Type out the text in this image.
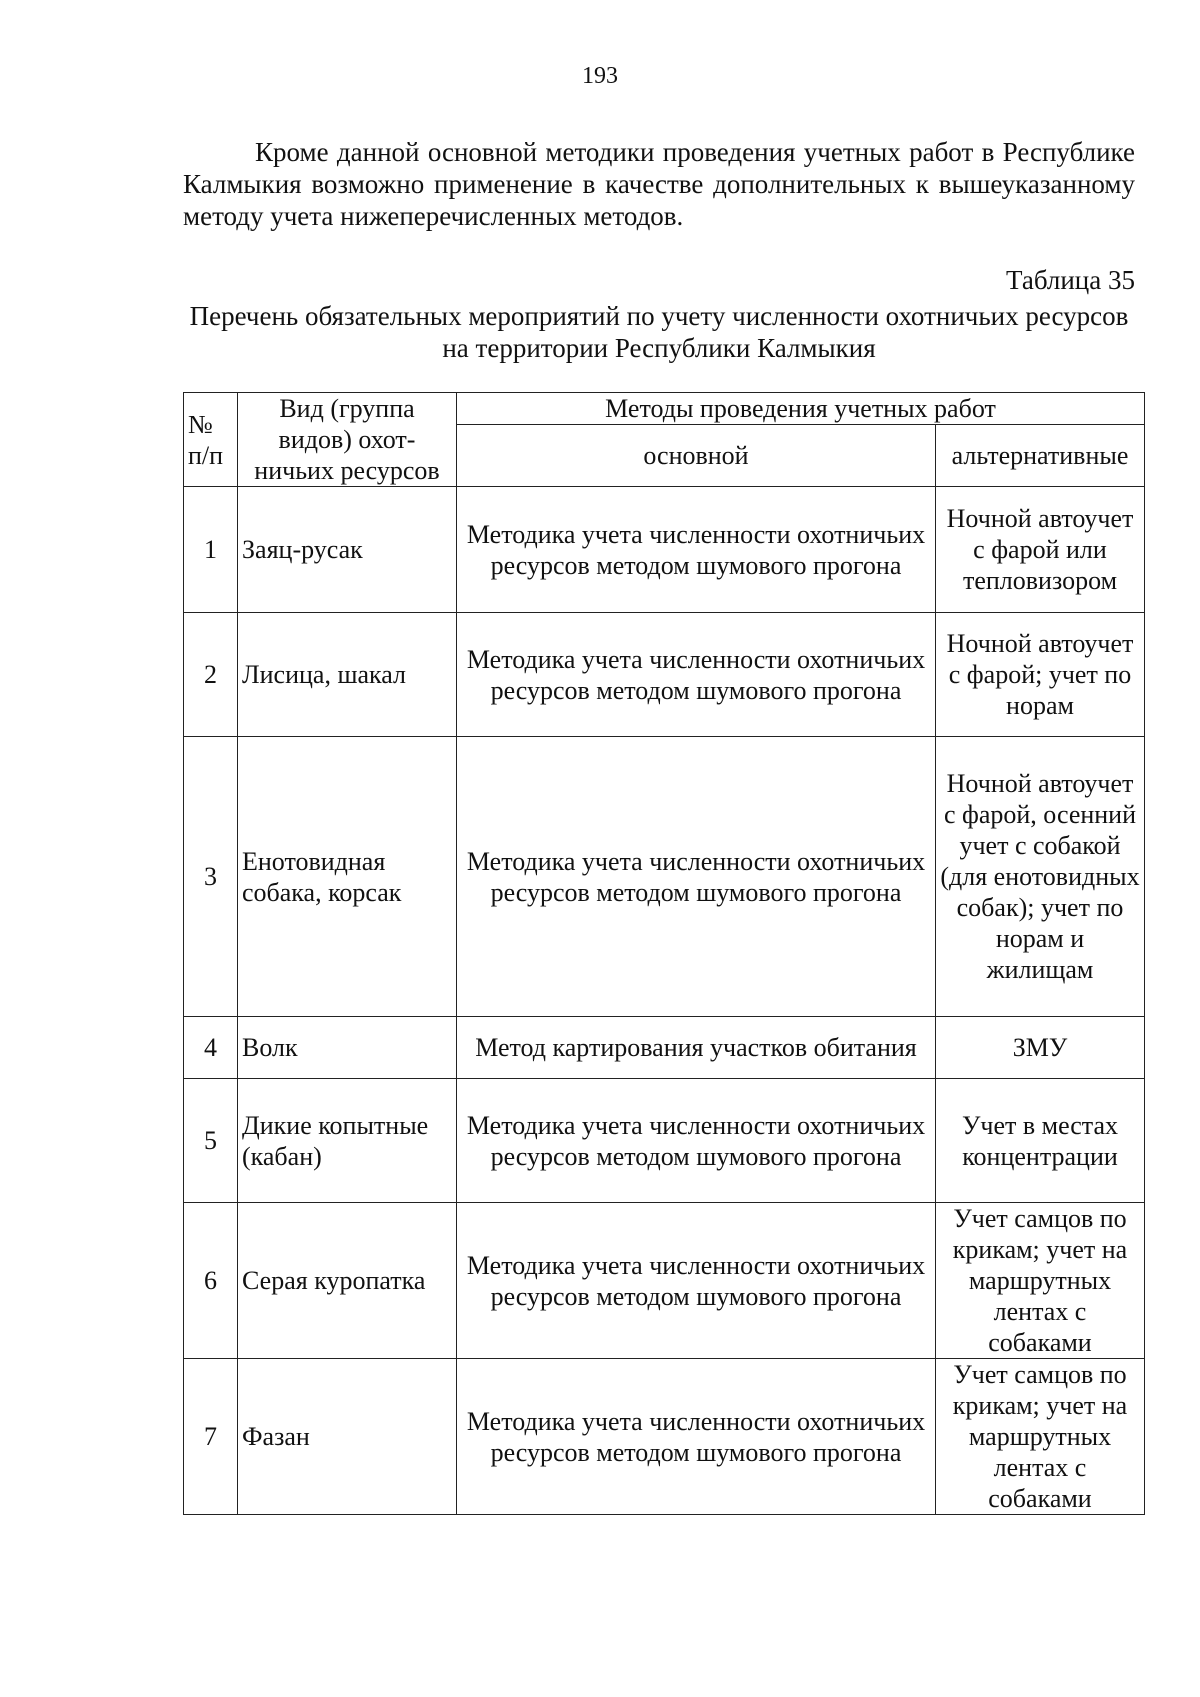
193

Кроме данной основной методики проведения учетных работ в Республике Калмыкия возможно применение в качестве дополнительных к вышеуказанному методу учета нижеперечисленных методов.

Таблица 35

Перечень обязательных мероприятий по учету численности охотничьих ресурсов на территории Республики Калмыкия

№ п/п	Вид (группа видов) охот-ничьих ресурсов	Методы проведения учетных работ	
		основной	альтернативные
1	Заяц-русак	Методика учета численности охотничьих ресурсов методом шумового прогона	Ночной автоучет с фарой или тепловизором
2	Лисица, шакал	Методика учета численности охотничьих ресурсов методом шумового прогона	Ночной автоучет с фарой; учет по норам
3	Енотовидная собака, корсак	Методика учета численности охотничьих ресурсов методом шумового прогона	Ночной автоучет с фарой, осенний учет с собакой (для енотовидных собак); учет по норам и жилищам
4	Волк	Метод картирования участков обитания	ЗМУ
5	Дикие копытные (кабан)	Методика учета численности охотничьих ресурсов методом шумового прогона	Учет в местах концентрации
6	Серая куропатка	Методика учета численности охотничьих ресурсов методом шумового прогона	Учет самцов по крикам; учет на маршрутных лентах с собаками
7	Фазан	Методика учета численности охотничьих ресурсов методом шумового прогона	Учет самцов по крикам; учет на маршрутных лентах с собаками
